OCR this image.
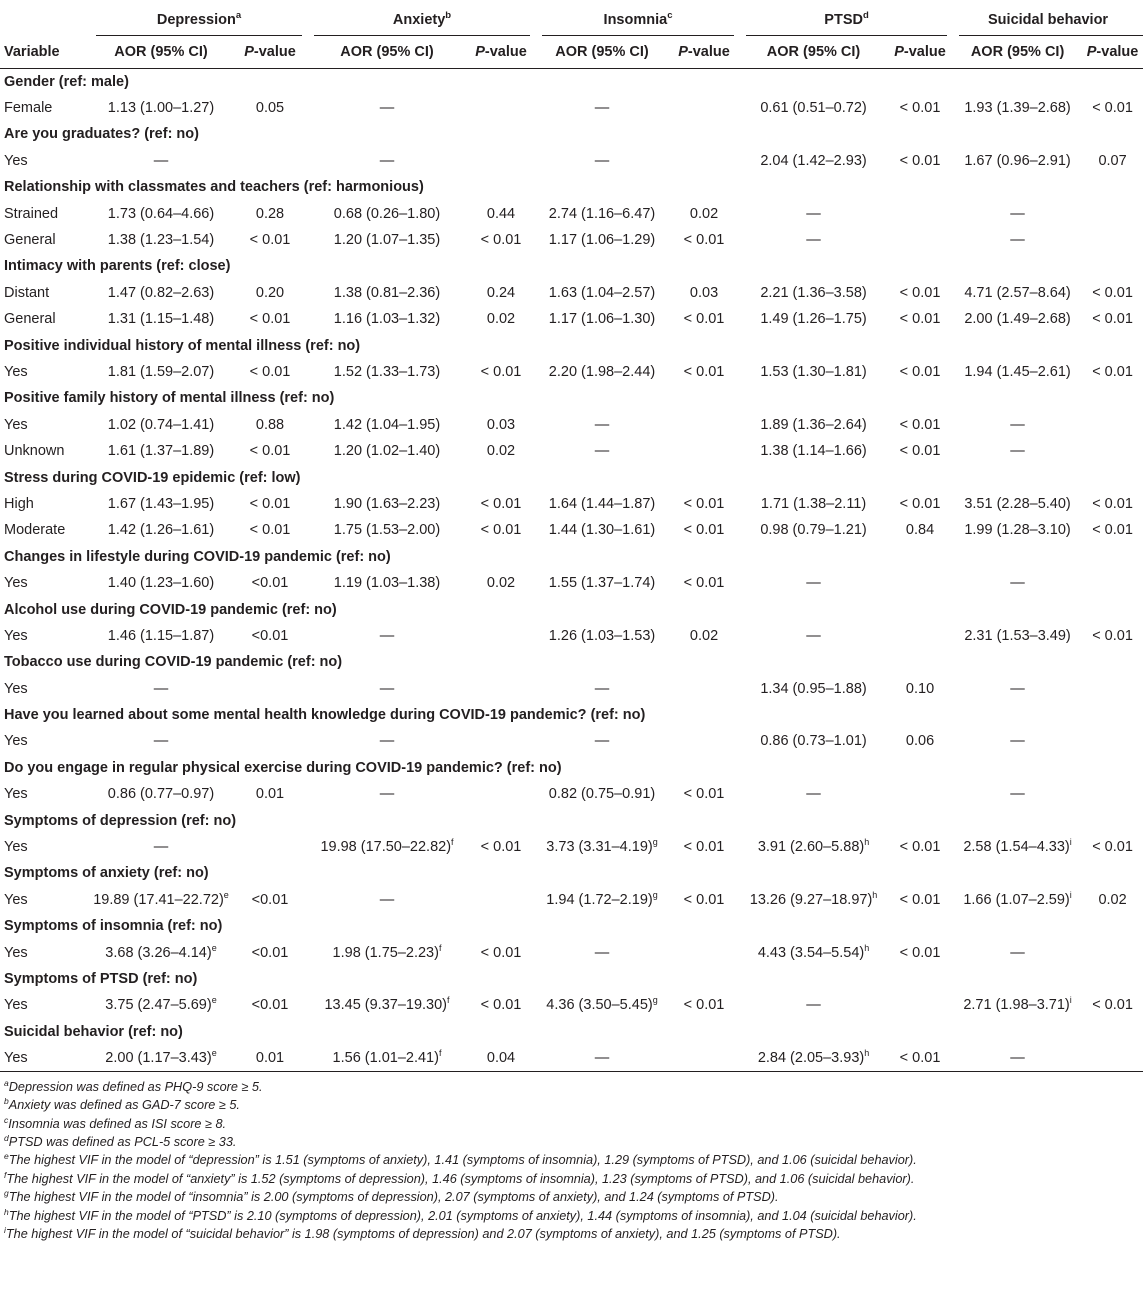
	Depression$^a$		Anxiety$^b$		Insomnia$^c$		PTSD$^d$		Suicidal behavior	

Variable	AOR (95% CI)	P-value	AOR (95% CI)	P-value	AOR (95% CI)	P-value	AOR (95% CI)	P-value	AOR (95% CI)	P-value
Gender (ref: male)										
Female	1.13 (1.00–1.27)	0.05	—		—		0.61 (0.51–0.72)	< 0.01	1.93 (1.39–2.68)	< 0.01
Are you graduates? (ref: no)										
Yes	—		—		—		2.04 (1.42–2.93)	< 0.01	1.67 (0.96–2.91)	0.07
Relationship with classmates and teachers (ref: harmonious)										
Strained	1.73 (0.64–4.66)	0.28	0.68 (0.26–1.80)	0.44	2.74 (1.16–6.47)	0.02	—		—	
General	1.38 (1.23–1.54)	< 0.01	1.20 (1.07–1.35)	< 0.01	1.17 (1.06–1.29)	< 0.01	—		—	
Intimacy with parents (ref: close)										
Distant	1.47 (0.82–2.63)	0.20	1.38 (0.81–2.36)	0.24	1.63 (1.04–2.57)	0.03	2.21 (1.36–3.58)	< 0.01	4.71 (2.57–8.64)	< 0.01
General	1.31 (1.15–1.48)	< 0.01	1.16 (1.03–1.32)	0.02	1.17 (1.06–1.30)	< 0.01	1.49 (1.26–1.75)	< 0.01	2.00 (1.49–2.68)	< 0.01
Positive individual history of mental illness (ref: no)										
Yes	1.81 (1.59–2.07)	< 0.01	1.52 (1.33–1.73)	< 0.01	2.20 (1.98–2.44)	< 0.01	1.53 (1.30–1.81)	< 0.01	1.94 (1.45–2.61)	< 0.01
Positive family history of mental illness (ref: no)										
Yes	1.02 (0.74–1.41)	0.88	1.42 (1.04–1.95)	0.03	—		1.89 (1.36–2.64)	< 0.01	—	
Unknown	1.61 (1.37–1.89)	< 0.01	1.20 (1.02–1.40)	0.02	—		1.38 (1.14–1.66)	< 0.01	—	
Stress during COVID-19 epidemic (ref: low)										
High	1.67 (1.43–1.95)	< 0.01	1.90 (1.63–2.23)	< 0.01	1.64 (1.44–1.87)	< 0.01	1.71 (1.38–2.11)	< 0.01	3.51 (2.28–5.40)	< 0.01
Moderate	1.42 (1.26–1.61)	< 0.01	1.75 (1.53–2.00)	< 0.01	1.44 (1.30–1.61)	< 0.01	0.98 (0.79–1.21)	0.84	1.99 (1.28–3.10)	< 0.01
Changes in lifestyle during COVID-19 pandemic (ref: no)										
Yes	1.40 (1.23–1.60)	<0.01	1.19 (1.03–1.38)	0.02	1.55 (1.37–1.74)	< 0.01	—		—	
Alcohol use during COVID-19 pandemic (ref: no)										
Yes	1.46 (1.15–1.87)	<0.01	—		1.26 (1.03–1.53)	0.02	—		2.31 (1.53–3.49)	< 0.01
Tobacco use during COVID-19 pandemic (ref: no)										
Yes	—		—		—		1.34 (0.95–1.88)	0.10	—	
Have you learned about some mental health knowledge during COVID-19 pandemic? (ref: no)										
Yes	—		—		—		0.86 (0.73–1.01)	0.06	—	
Do you engage in regular physical exercise during COVID-19 pandemic? (ref: no)										
Yes	0.86 (0.77–0.97)	0.01	—		0.82 (0.75–0.91)	< 0.01	—		—	
Symptoms of depression (ref: no)										
Yes	—		19.98 $(17.50-22.82)^f$	< 0.01	3.73 $(3.31-4.19)^g$	< 0.01	3.91 $(2.60-5.88)^h$	< 0.01	2.58 $(1.54-4.33)^i$	< 0.01
Symptoms of anxiety (ref: no)										
Yes	19.89 $(17.41-22.72)^e$	<0.01	—		1.94 $(1.72-2.19)^g$	< 0.01	13.26 $(9.27-18.97)^h$	< 0.01	1.66 $(1.07-2.59)^i$	0.02
Symptoms of insomnia (ref: no)										
Yes	3.68 $(3.26-4.14)^e$	<0.01	1.98 $(1.75-2.23)^f$	< 0.01	—		4.43 $(3.54-5.54)^h$	< 0.01	—	
Symptoms of PTSD (ref: no)										
Yes	3.75 $(2.47-5.69)^e$	<0.01	13.45 $(9.37-19.30)^f$	< 0.01	4.36 $(3.50-5.45)^g$	< 0.01	—		2.71 $(1.98-3.71)^i$	< 0.01
Suicidal behavior (ref: no)										
Yes	2.00 $(1.17-3.43)^e$	0.01	1.56 $(1.01-2.41)^f$	0.04	—		2.84 $(2.05-3.93)^h$	< 0.01	—	
$^a$Depression was defined as PHQ-9 score ≥ 5.
$^b$Anxiety was defined as GAD-7 score ≥ 5.
$^c$Insomnia was defined as ISI score ≥ 8.
$^d$PTSD was defined as PCL-5 score ≥ 33.
$^e$The highest VIF in the model of “depression” is 1.51 (symptoms of anxiety), 1.41 (symptoms of insomnia), 1.29 (symptoms of PTSD), and 1.06 (suicidal behavior).
$^f$The highest VIF in the model of “anxiety” is 1.52 (symptoms of depression), 1.46 (symptoms of insomnia), 1.23 (symptoms of PTSD), and 1.06 (suicidal behavior).
$^g$The highest VIF in the model of “insomnia” is 2.00 (symptoms of depression), 2.07 (symptoms of anxiety), and 1.24 (symptoms of PTSD).
$^h$The highest VIF in the model of “PTSD” is 2.10 (symptoms of depression), 2.01 (symptoms of anxiety), 1.44 (symptoms of insomnia), and 1.04 (suicidal behavior).
$^i$The highest VIF in the model of “suicidal behavior” is 1.98 (symptoms of depression) and 2.07 (symptoms of anxiety), and 1.25 (symptoms of PTSD).
